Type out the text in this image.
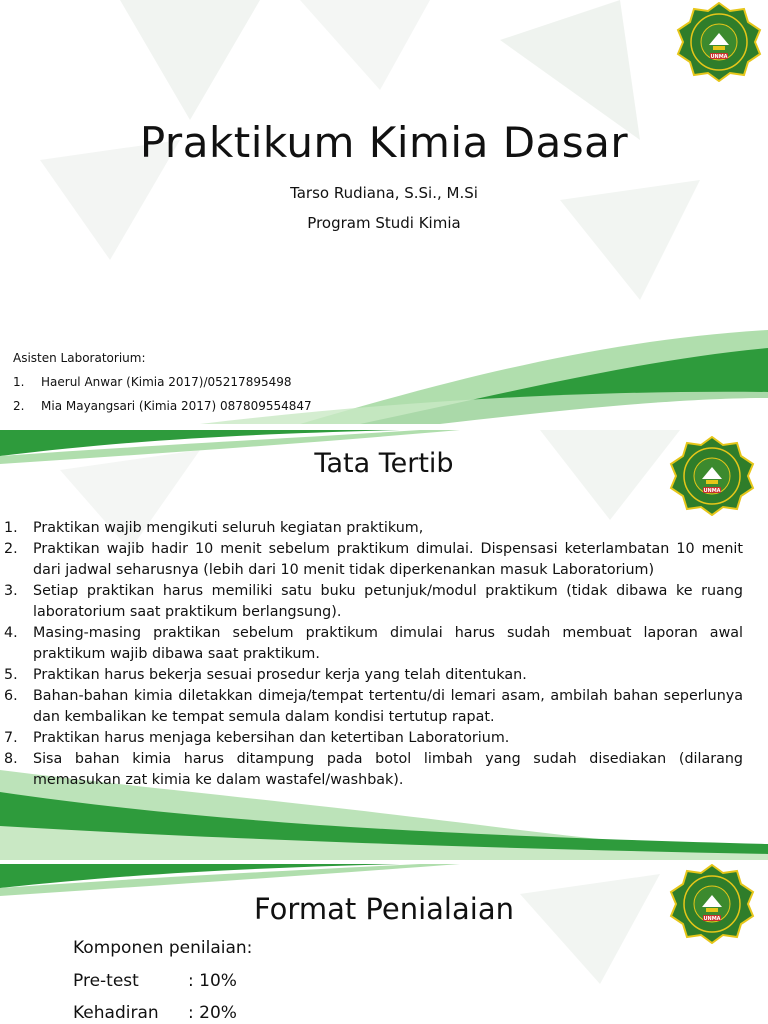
Praktikum Kimia Dasar
Tarso Rudiana, S.Si., M.Si
Program Studi Kimia
Asisten Laboratorium:
1. Haerul Anwar (Kimia 2017)/05217895498
2. Mia Mayangsari (Kimia 2017) 087809554847
Tata Tertib
1. Praktikan wajib mengikuti seluruh kegiatan praktikum,
2. Praktikan wajib hadir 10 menit sebelum praktikum dimulai. Dispensasi keterlambatan 10 menit dari jadwal seharusnya (lebih dari 10 menit tidak diperkenankan masuk Laboratorium)
3. Setiap praktikan harus memiliki satu buku petunjuk/modul praktikum (tidak dibawa ke ruang laboratorium saat praktikum berlangsung).
4. Masing-masing praktikan sebelum praktikum dimulai harus sudah membuat laporan awal praktikum wajib dibawa saat praktikum.
5. Praktikan harus bekerja sesuai prosedur kerja yang telah ditentukan.
6. Bahan-bahan kimia diletakkan dimeja/tempat tertentu/di lemari asam, ambilah bahan seperlunya dan kembalikan ke tempat semula dalam kondisi tertutup rapat.
7. Praktikan harus menjaga kebersihan dan ketertiban Laboratorium.
8. Sisa bahan kimia harus ditampung pada botol limbah yang sudah disediakan (dilarang memasukan zat kimia ke dalam wastafel/washbak).
Format Penialaian
Komponen penilaian:
Pre-test	: 10%
Kehadiran : 20%
